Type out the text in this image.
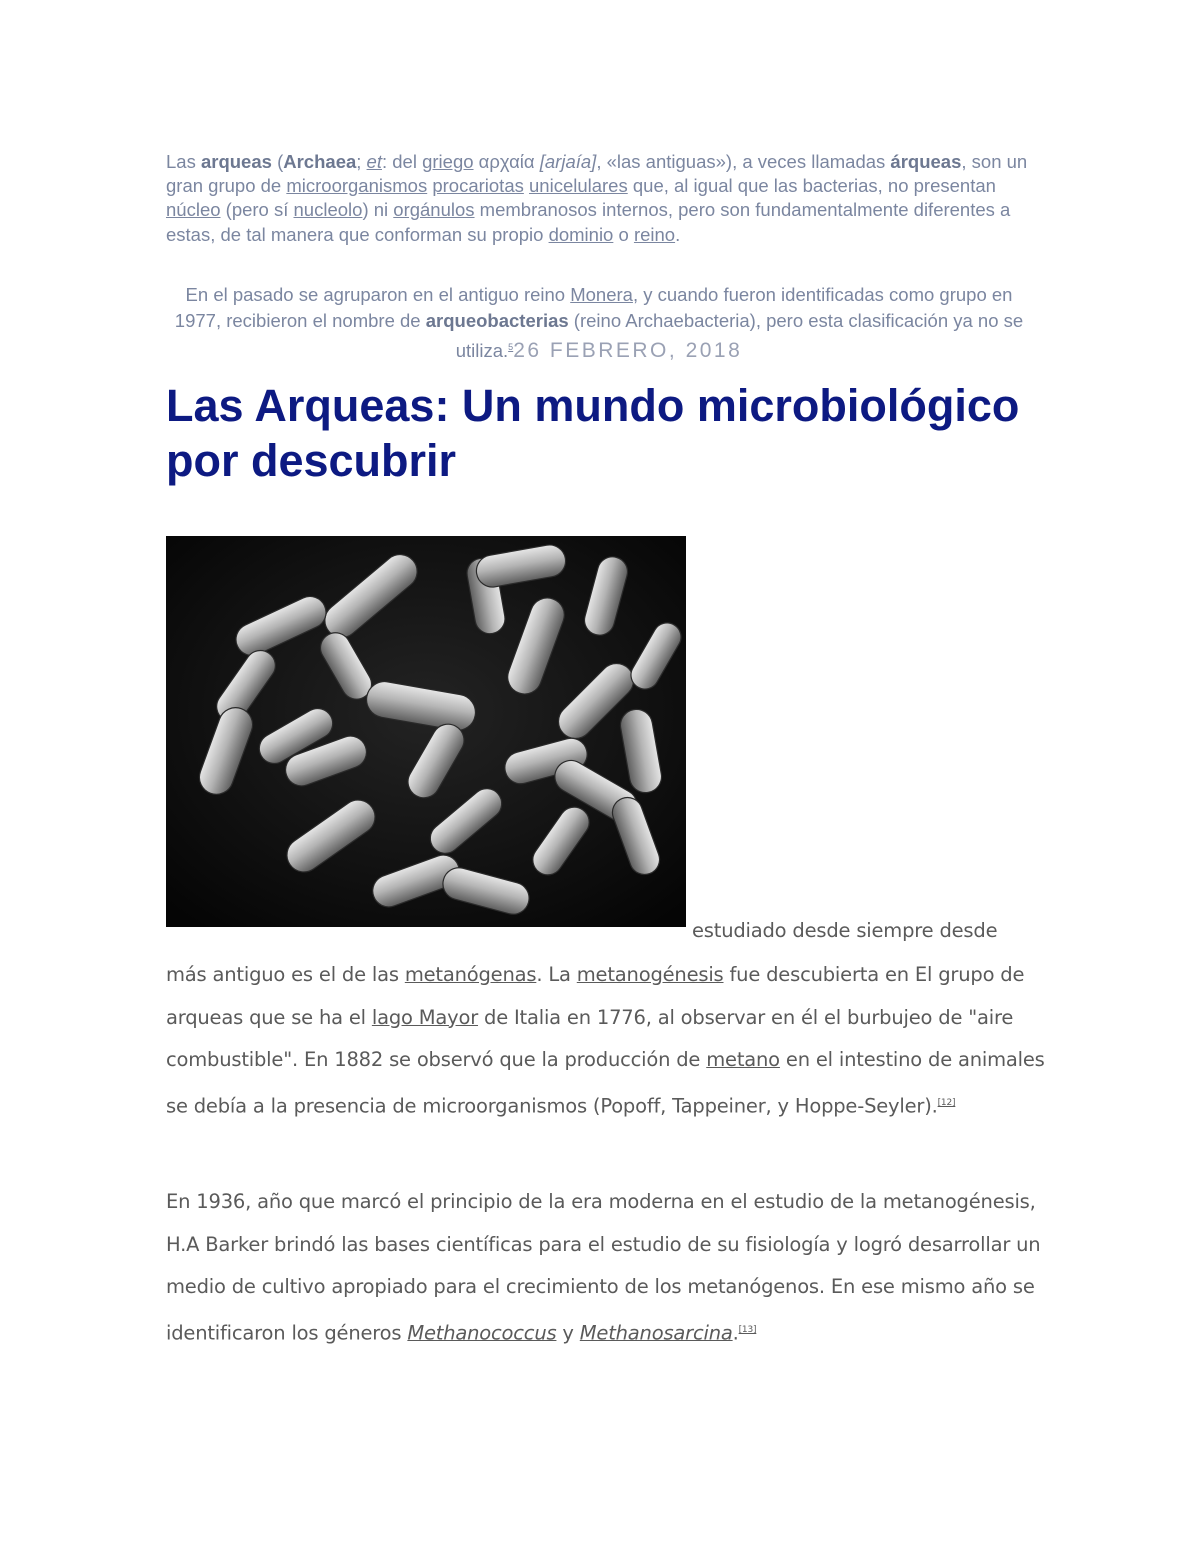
Las arqueas (Archaea; et: del griego αρχαία [arjaía], «las antiguas»), a veces llamadas árqueas, son un gran grupo de microorganismos procariotas unicelulares que, al igual que las bacterias, no presentan núcleo (pero sí nucleolo) ni orgánulos membranosos internos, pero son fundamentalmente diferentes a estas, de tal manera que conforman su propio dominio o reino.

En el pasado se agruparon en el antiguo reino Monera, y cuando fueron identificadas como grupo en 1977, recibieron el nombre de arqueobacterias (reino Archaebacteria), pero esta clasificación ya no se utiliza.$^5$26 FEBRERO, 2018

Las Arqueas: Un mundo microbiológico por descubrir
estudiado desde siempre desde

más antiguo es el de las metanógenas. La metanogénesis fue descubierta en El grupo de arqueas que se ha el lago Mayor de Italia en 1776, al observar en él el burbujeo de "aire combustible". En 1882 se observó que la producción de metano en el intestino de animales se debía a la presencia de microorganismos (Popoff, Tappeiner, y Hoppe-Seyler).[12]

En 1936, año que marcó el principio de la era moderna en el estudio de la metanogénesis, H.A Barker brindó las bases científicas para el estudio de su fisiología y logró desarrollar un medio de cultivo apropiado para el crecimiento de los metanógenos. En ese mismo año se identificaron los géneros Methanococcus y Methanosarcina.[13]
